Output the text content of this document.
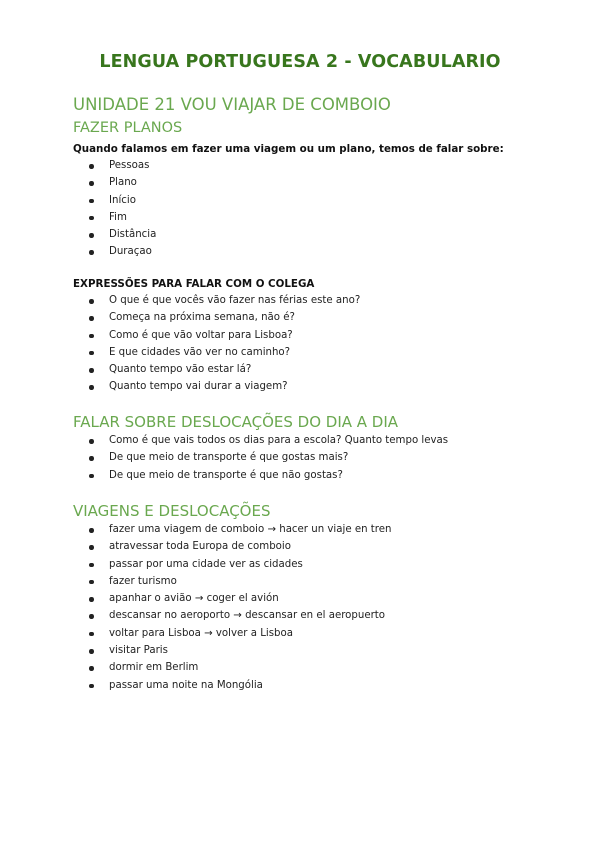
LENGUA PORTUGUESA 2 - VOCABULARIO
UNIDADE 21 VOU VIAJAR DE COMBOIO
FAZER PLANOS

Quando falamos em fazer uma viagem ou um plano, temos de falar sobre:

Pessoas
Plano
Início
Fim
Distância
Duraçao

EXPRESSÕES PARA FALAR COM O COLEGA

O que é que vocês vão fazer nas férias este ano?
Começa na próxima semana, não é?
Como é que vão voltar para Lisboa?
E que cidades vão ver no caminho?
Quanto tempo vão estar lá?
Quanto tempo vai durar a viagem?
FALAR SOBRE DESLOCAÇÕES DO DIA A DIA
Como é que vais todos os dias para a escola? Quanto tempo levas
De que meio de transporte é que gostas mais?
De que meio de transporte é que não gostas?
VIAGENS E DESLOCAÇÕES
fazer uma viagem de comboio → hacer un viaje en tren
atravessar toda Europa de comboio
passar por uma cidade ver as cidades
fazer turismo
apanhar o avião → coger el avión
descansar no aeroporto → descansar en el aeropuerto
voltar para Lisboa → volver a Lisboa
visitar Paris
dormir em Berlim
passar uma noite na Mongólia
